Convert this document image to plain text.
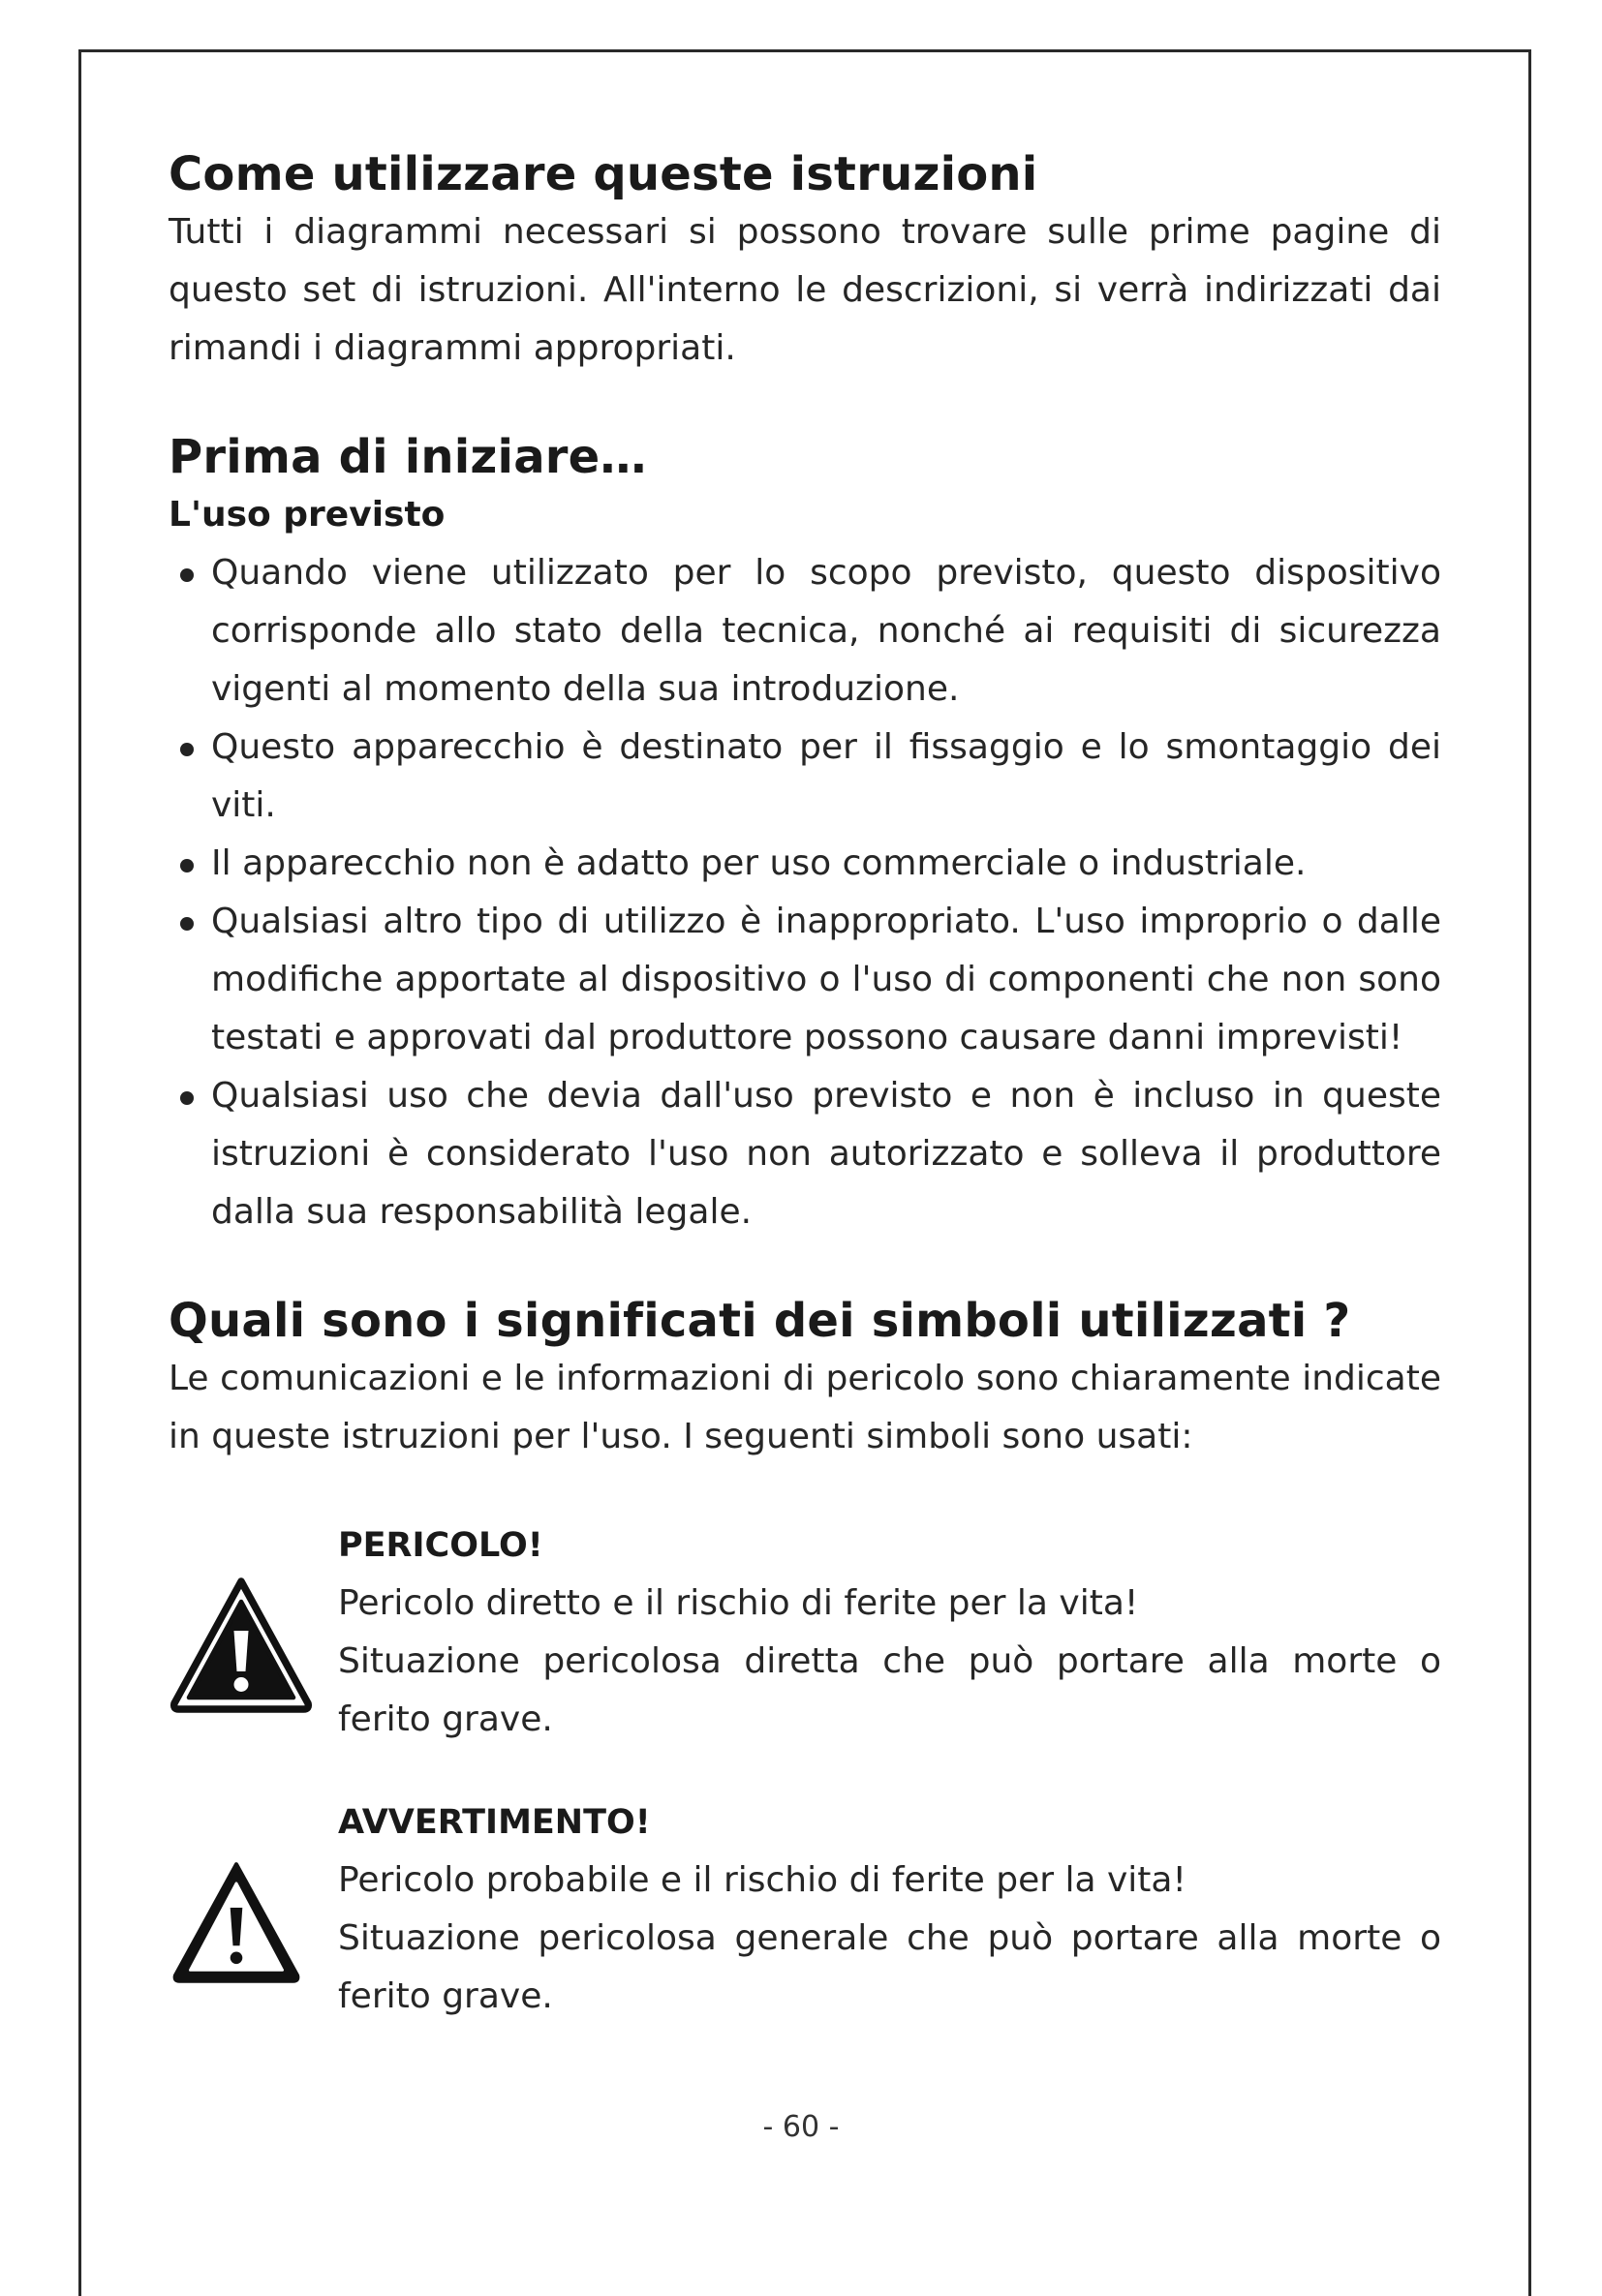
Come utilizzare queste istruzioni

Tutti i diagrammi necessari si possono trovare sulle prime pagine di questo set di istruzioni. All'interno le descrizioni, si verrà indirizzati dai rimandi i diagrammi appropriati.

Prima di iniziare…
L'uso previsto
Quando viene utilizzato per lo scopo previsto, questo dispositivo corrisponde allo stato della tecnica, nonché ai requisiti di sicurezza vigenti al momento della sua introduzione.
Questo apparecchio è destinato per il fissaggio e lo smontaggio dei viti.
Il apparecchio non è adatto per uso commerciale o industriale.
Qualsiasi altro tipo di utilizzo è inappropriato. L'uso improprio o dalle modifiche apportate al dispositivo o l'uso di componenti che non sono testati e approvati dal produttore possono causare danni imprevisti!
Qualsiasi uso che devia dall'uso previsto e non è incluso in queste istruzioni è considerato l'uso non autorizzato e solleva il produttore dalla sua responsabilità legale.
Quali sono i significati dei simboli utilizzati ?

Le comunicazioni e le informazioni di pericolo sono chiaramente indicate in queste istruzioni per l'uso. I seguenti simboli sono usati:

PERICOLO!

Pericolo diretto e il rischio di ferite per la vita!

Situazione pericolosa diretta che può portare alla morte o ferito grave.

AVVERTIMENTO!

Pericolo probabile e il rischio di ferite per la vita!

Situazione pericolosa generale che può portare alla morte o ferito grave.

- 60 -
